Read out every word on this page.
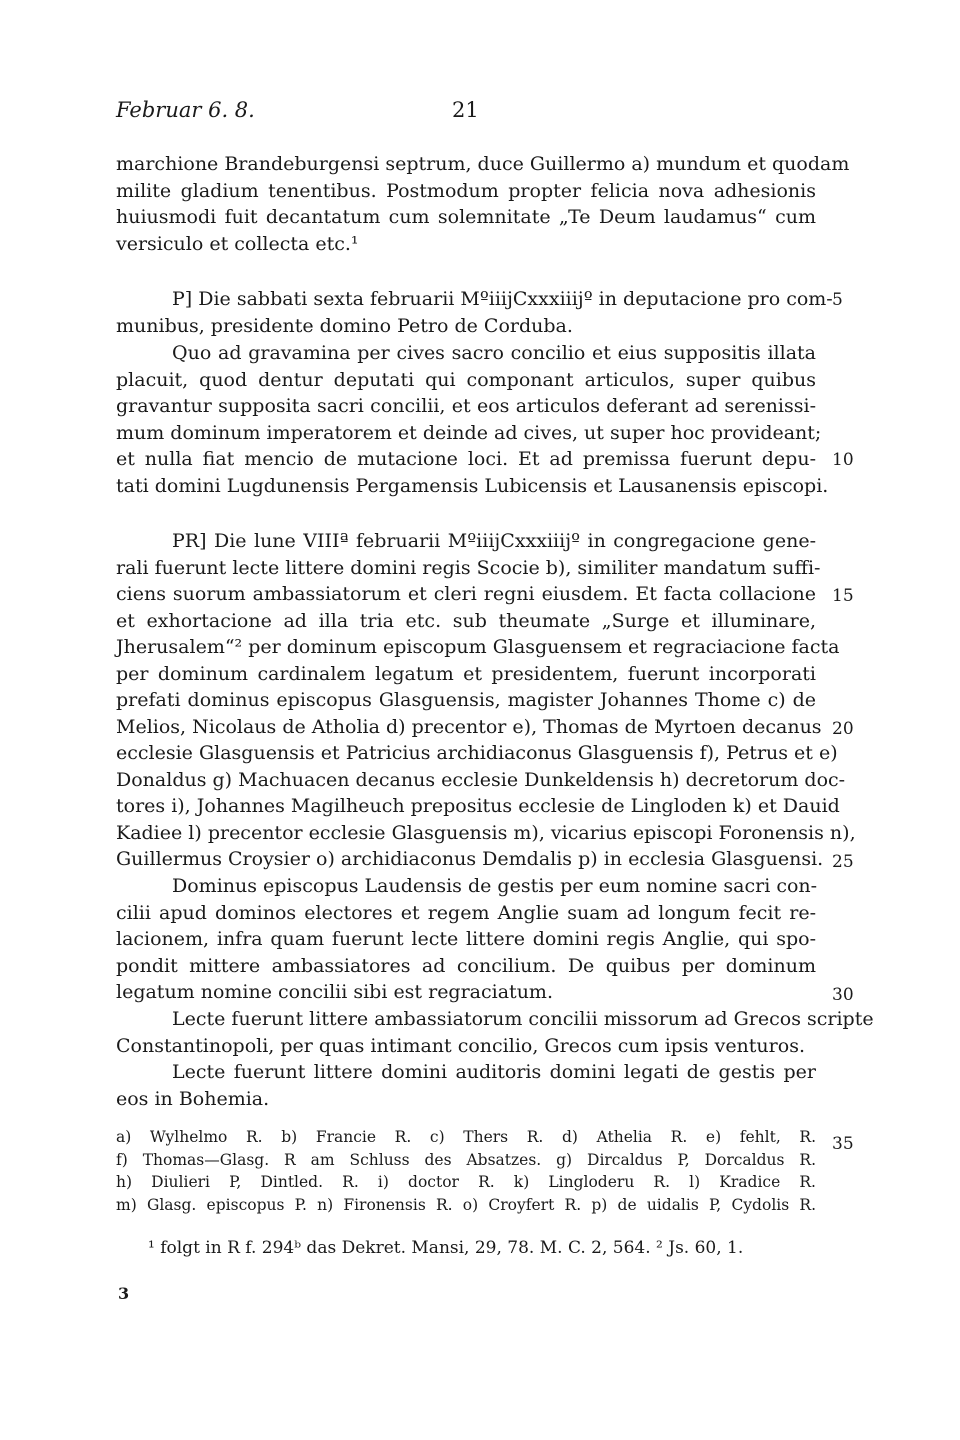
Februar 6. 8.	21
marchione Brandeburgensi septrum, duce Guillermo a) mundum et quodam
milite gladium tenentibus. Postmodum propter felicia nova adhesionis
huiusmodi fuit decantatum cum solemnitate „Te Deum laudamus“ cum
versiculo et collecta etc.¹
P] Die sabbati sexta februarii MºiiijCxxxiiijº in deputacione pro com-
munibus, presidente domino Petro de Corduba.
Quo ad gravamina per cives sacro concilio et eius suppositis illata
placuit, quod dentur deputati qui componant articulos, super quibus
gravantur supposita sacri concilii, et eos articulos deferant ad serenissi-
mum dominum imperatorem et deinde ad cives, ut super hoc provideant;
et nulla fiat mencio de mutacione loci. Et ad premissa fuerunt depu-
tati domini Lugdunensis Pergamensis Lubicensis et Lausanensis episcopi.
PR] Die lune VIIIª februarii MºiiijCxxxiiijº in congregacione gene-
rali fuerunt lecte littere domini regis Scocie b), similiter mandatum suffi-
ciens suorum ambassiatorum et cleri regni eiusdem. Et facta collacione
et exhortacione ad illa tria etc. sub theumate „Surge et illuminare,
Jherusalem“² per dominum episcopum Glasguensem et regraciacione facta
per dominum cardinalem legatum et presidentem, fuerunt incorporati
prefati dominus episcopus Glasguensis, magister Johannes Thome c) de
Melios, Nicolaus de Atholia d) precentor e), Thomas de Myrtoen decanus
ecclesie Glasguensis et Patricius archidiaconus Glasguensis f), Petrus et e)
Donaldus g) Machuacen decanus ecclesie Dunkeldensis h) decretorum doc-
tores i), Johannes Magilheuch prepositus ecclesie de Lingloden k) et Dauid
Kadiee l) precentor ecclesie Glasguensis m), vicarius episcopi Foronensis n),
Guillermus Croysier o) archidiaconus Demdalis p) in ecclesia Glasguensi.
Dominus episcopus Laudensis de gestis per eum nomine sacri con-
cilii apud dominos electores et regem Anglie suam ad longum fecit re-
lacionem, infra quam fuerunt lecte littere domini regis Anglie, qui spo-
pondit mittere ambassiatores ad concilium. De quibus per dominum
legatum nomine concilii sibi est regraciatum.
Lecte fuerunt littere ambassiatorum concilii missorum ad Grecos scripte
Constantinopoli, per quas intimant concilio, Grecos cum ipsis venturos.
Lecte fuerunt littere domini auditoris domini legati de gestis per
eos in Bohemia.
5
10
15
20
25
30
35
a) Wylhelmo R. b) Francie R. c) Thers R. d) Athelia R. e) fehlt, R.
f) Thomas—Glasg. R am Schluss des Absatzes. g) Dircaldus P, Dorcaldus R.
h) Diulieri P, Dintled. R. i) doctor R. k) Lingloderu R. l) Kradice R.
m) Glasg. episcopus P. n) Fironensis R. o) Croyfert R. p) de uidalis P, Cydolis R.
¹ folgt in R f. 294ᵇ das Dekret. Mansi, 29, 78. M. C. 2, 564. ² Js. 60, 1.
3
